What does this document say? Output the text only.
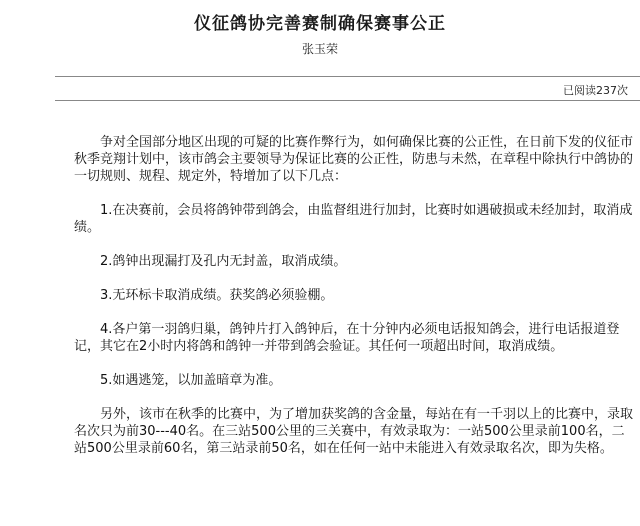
仪征鸽协完善赛制确保赛事公正
张玉荣
已阅读237次

争对全国部分地区出现的可疑的比赛作弊行为，如何确保比赛的公正性，在日前下发的仪征市秋季竞翔计划中，该市鸽会主要领导为保证比赛的公正性，防患与未然，在章程中除执行中鸽协的一切规则、规程、规定外，特增加了以下几点：

1.在决赛前，会员将鸽钟带到鸽会，由监督组进行加封，比赛时如遇破损或未经加封，取消成绩。

2.鸽钟出现漏打及孔内无封盖，取消成绩。

3.无环标卡取消成绩。获奖鸽必须验棚。

4.各户第一羽鸽归巢，鸽钟片打入鸽钟后，在十分钟内必须电话报知鸽会，进行电话报道登记，其它在2小时内将鸽和鸽钟一并带到鸽会验证。其任何一项超出时间，取消成绩。

5.如遇逃笼，以加盖暗章为准。

另外，该市在秋季的比赛中，为了增加获奖鸽的含金量，每站在有一千羽以上的比赛中，录取名次只为前30---40名。在三站500公里的三关赛中，有效录取为：一站500公里录前100名，二站500公里录前60名，第三站录前50名，如在任何一站中未能进入有效录取名次，即为失格。
